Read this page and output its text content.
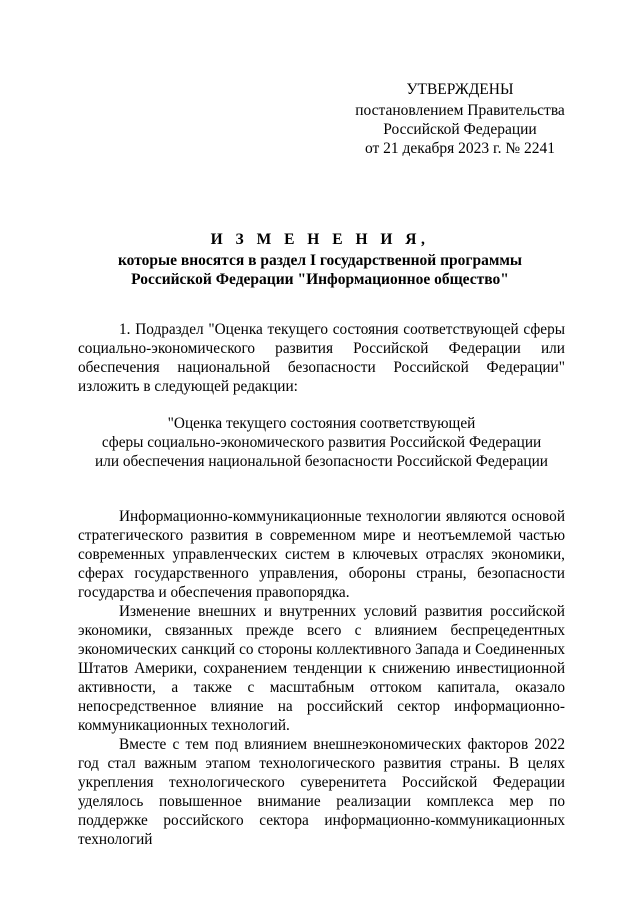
УТВЕРЖДЕНЫ
постановлением Правительства
Российской Федерации
от 21 декабря 2023 г. № 2241
И З М Е Н Е Н И Я,
которые вносятся в раздел I государственной программы
Российской Федерации "Информационное общество"

1. Подраздел "Оценка текущего состояния соответствующей сферы социально-экономического развития Российской Федерации или обеспечения национальной безопасности Российской Федерации" изложить в следующей редакции:

"Оценка текущего состояния соответствующей
сферы социально-экономического развития Российской Федерации
или обеспечения национальной безопасности Российской Федерации

Информационно-коммуникационные технологии являются основой стратегического развития в современном мире и неотъемлемой частью современных управленческих систем в ключевых отраслях экономики, сферах государственного управления, обороны страны, безопасности государства и обеспечения правопорядка.

Изменение внешних и внутренних условий развития российской экономики, связанных прежде всего с влиянием беспрецедентных экономических санкций со стороны коллективного Запада и Соединенных Штатов Америки, сохранением тенденции к снижению инвестиционной активности, а также с масштабным оттоком капитала, оказало непосредственное влияние на российский сектор информационно-коммуникационных технологий.

Вместе с тем под влиянием внешнеэкономических факторов 2022 год стал важным этапом технологического развития страны. В целях укрепления технологического суверенитета Российской Федерации уделялось повышенное внимание реализации комплекса мер по поддержке российского сектора информационно-коммуникационных технологий
